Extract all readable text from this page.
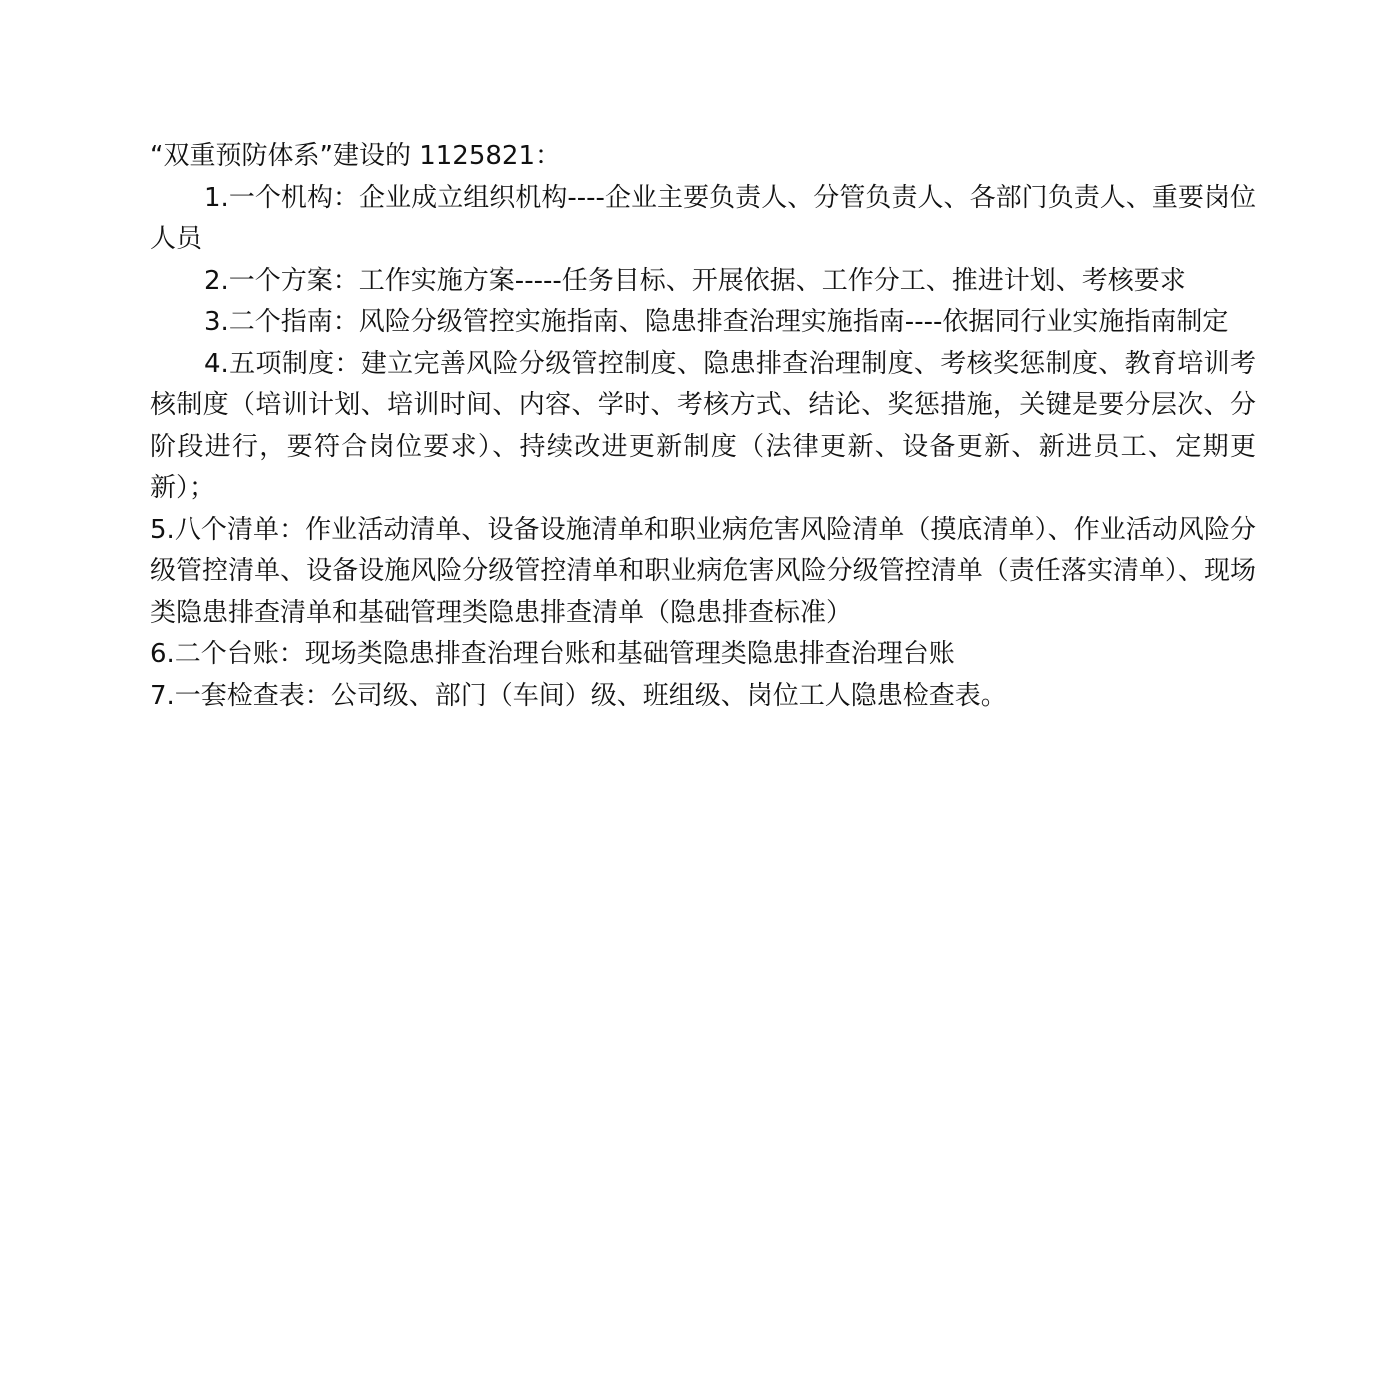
“双重预防体系”建设的 1125821：

1.一个机构：企业成立组织机构----企业主要负责人、分管负责人、各部门负责人、重要岗位人员

2.一个方案：工作实施方案-----任务目标、开展依据、工作分工、推进计划、考核要求

3.二个指南：风险分级管控实施指南、隐患排查治理实施指南----依据同行业实施指南制定

4.五项制度：建立完善风险分级管控制度、隐患排查治理制度、考核奖惩制度、教育培训考核制度（培训计划、培训时间、内容、学时、考核方式、结论、奖惩措施，关键是要分层次、分阶段进行，要符合岗位要求）、持续改进更新制度（法律更新、设备更新、新进员工、定期更新）；

5.八个清单：作业活动清单、设备设施清单和职业病危害风险清单（摸底清单）、作业活动风险分级管控清单、设备设施风险分级管控清单和职业病危害风险分级管控清单（责任落实清单）、现场类隐患排查清单和基础管理类隐患排查清单（隐患排查标准）

6.二个台账：现场类隐患排查治理台账和基础管理类隐患排查治理台账

7.一套检查表：公司级、部门（车间）级、班组级、岗位工人隐患检查表。
